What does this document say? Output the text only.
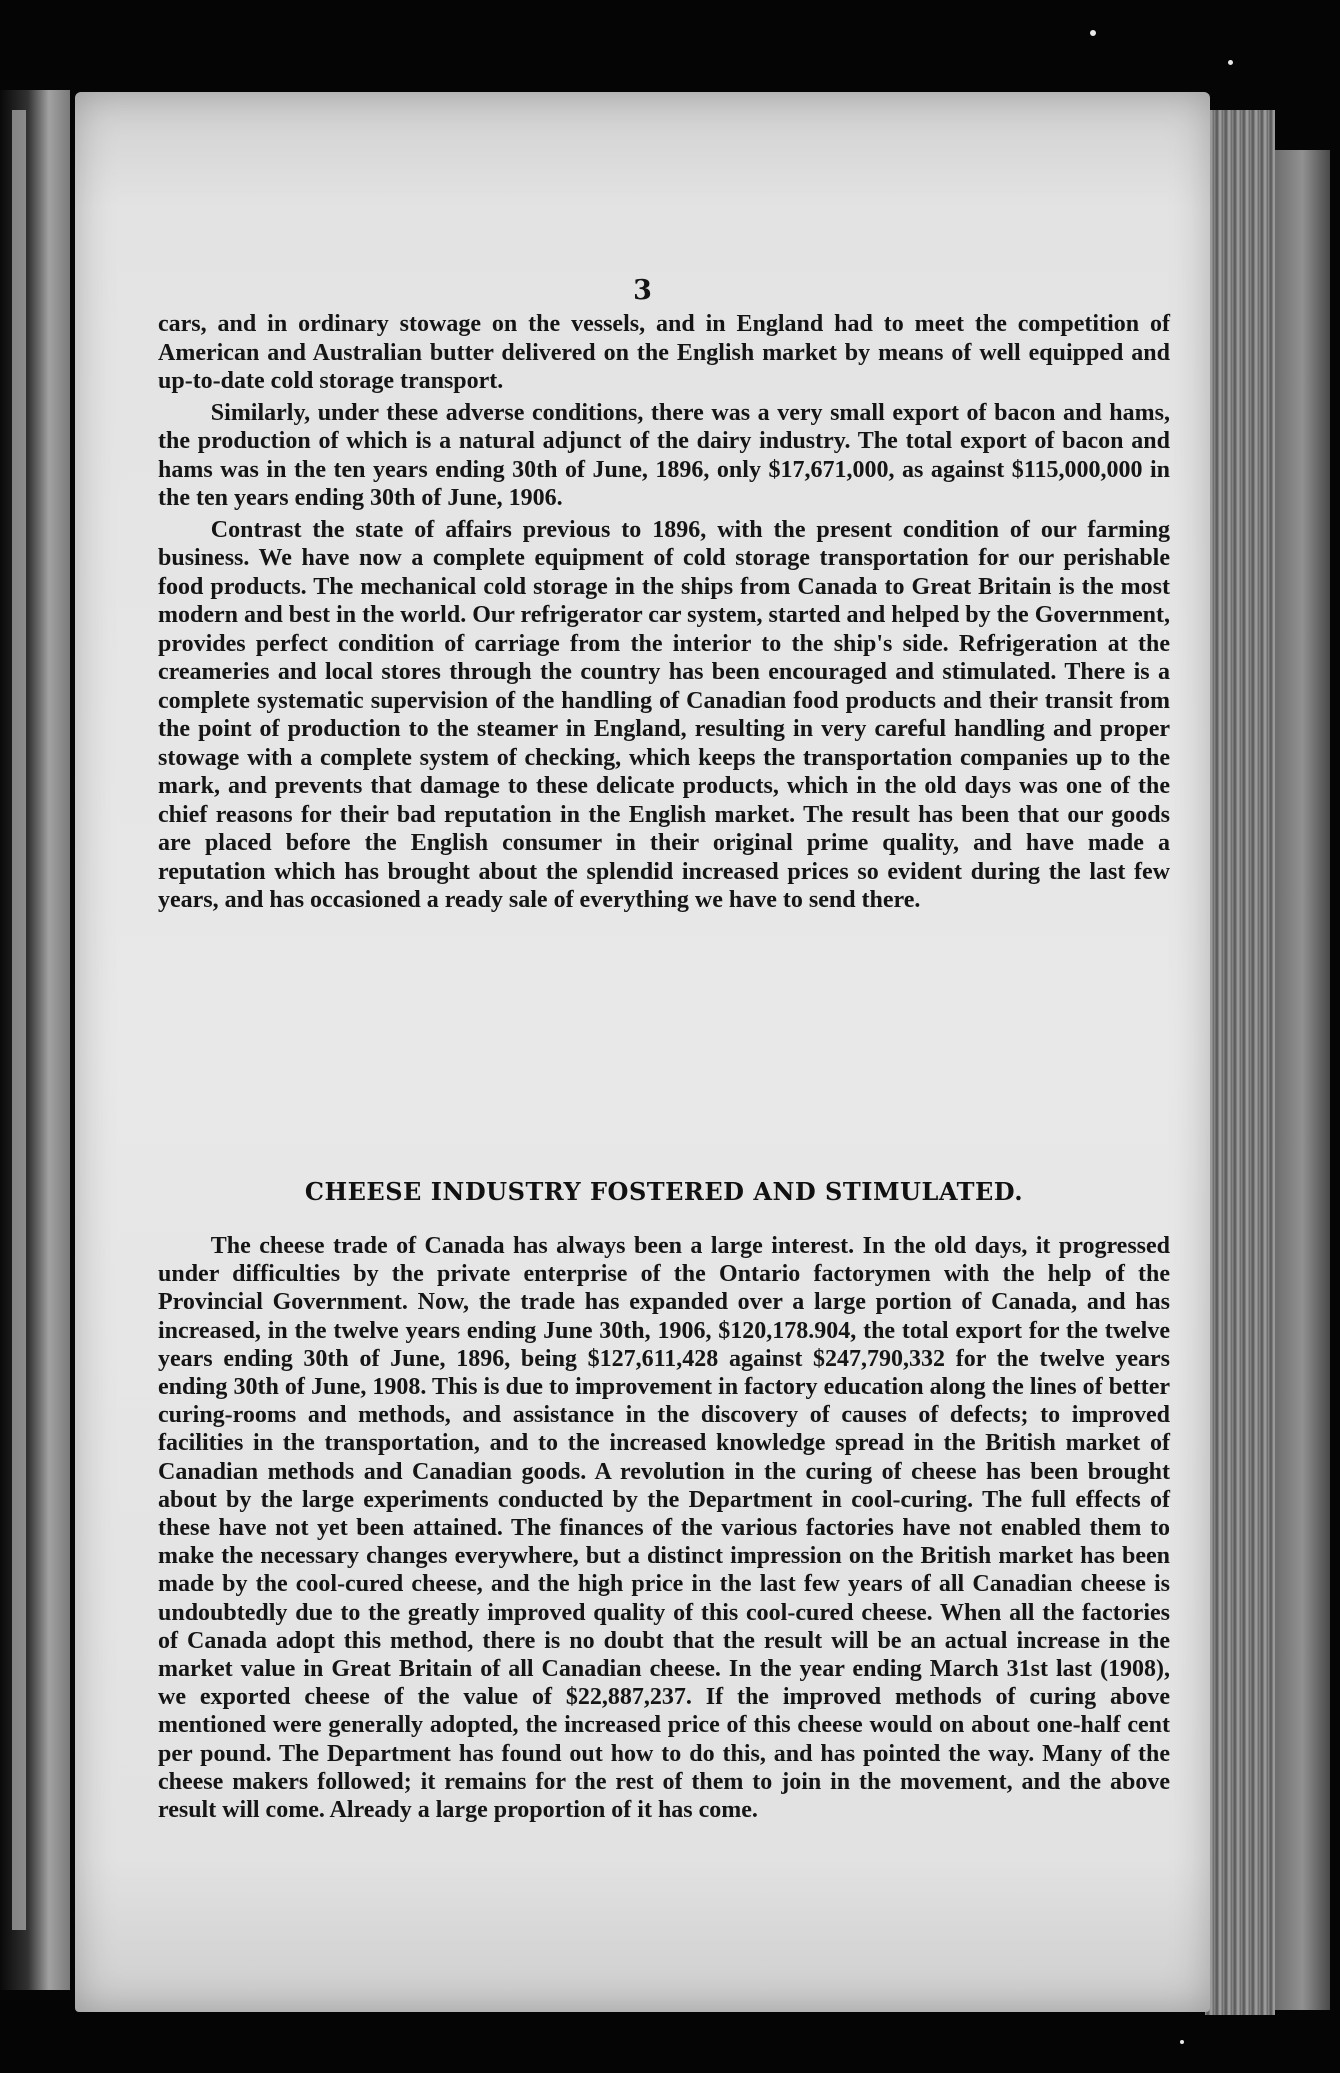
3

cars, and in ordinary stowage on the vessels, and in England had to meet the competition of American and Australian butter delivered on the English market by means of well equipped and up-to-date cold storage transport.

Similarly, under these adverse conditions, there was a very small export of bacon and hams, the production of which is a natural adjunct of the dairy industry. The total export of bacon and hams was in the ten years ending 30th of June, 1896, only $17,671,000, as against $115,000,000 in the ten years ending 30th of June, 1906.

Contrast the state of affairs previous to 1896, with the present condition of our farming business. We have now a complete equipment of cold storage transportation for our perishable food products. The mechanical cold storage in the ships from Canada to Great Britain is the most modern and best in the world. Our refrigerator car system, started and helped by the Government, provides perfect condition of carriage from the interior to the ship's side. Refrigeration at the creameries and local stores through the country has been encouraged and stimulated. There is a complete systematic supervision of the handling of Canadian food products and their transit from the point of production to the steamer in England, resulting in very careful handling and proper stowage with a complete system of checking, which keeps the transportation companies up to the mark, and prevents that damage to these delicate products, which in the old days was one of the chief reasons for their bad reputation in the English market. The result has been that our goods are placed before the English consumer in their original prime quality, and have made a reputation which has brought about the splendid increased prices so evident during the last few years, and has occasioned a ready sale of everything we have to send there.

CHEESE INDUSTRY FOSTERED AND STIMULATED.

The cheese trade of Canada has always been a large interest. In the old days, it progressed under difficulties by the private enterprise of the Ontario factorymen with the help of the Provincial Government. Now, the trade has expanded over a large portion of Canada, and has increased, in the twelve years ending June 30th, 1906, $120,178.904, the total export for the twelve years ending 30th of June, 1896, being $127,611,428 against $247,790,332 for the twelve years ending 30th of June, 1908. This is due to improvement in factory education along the lines of better curing-rooms and methods, and assistance in the discovery of causes of defects; to improved facilities in the transportation, and to the increased knowledge spread in the British market of Canadian methods and Canadian goods. A revolution in the curing of cheese has been brought about by the large experiments conducted by the Department in cool-curing. The full effects of these have not yet been attained. The finances of the various factories have not enabled them to make the necessary changes everywhere, but a distinct impression on the British market has been made by the cool-cured cheese, and the high price in the last few years of all Canadian cheese is undoubtedly due to the greatly improved quality of this cool-cured cheese. When all the factories of Canada adopt this method, there is no doubt that the result will be an actual increase in the market value in Great Britain of all Canadian cheese. In the year ending March 31st last (1908), we exported cheese of the value of $22,887,237. If the improved methods of curing above mentioned were generally adopted, the increased price of this cheese would on about one-half cent per pound. The Department has found out how to do this, and has pointed the way. Many of the cheese makers followed; it remains for the rest of them to join in the movement, and the above result will come. Already a large proportion of it has come.
